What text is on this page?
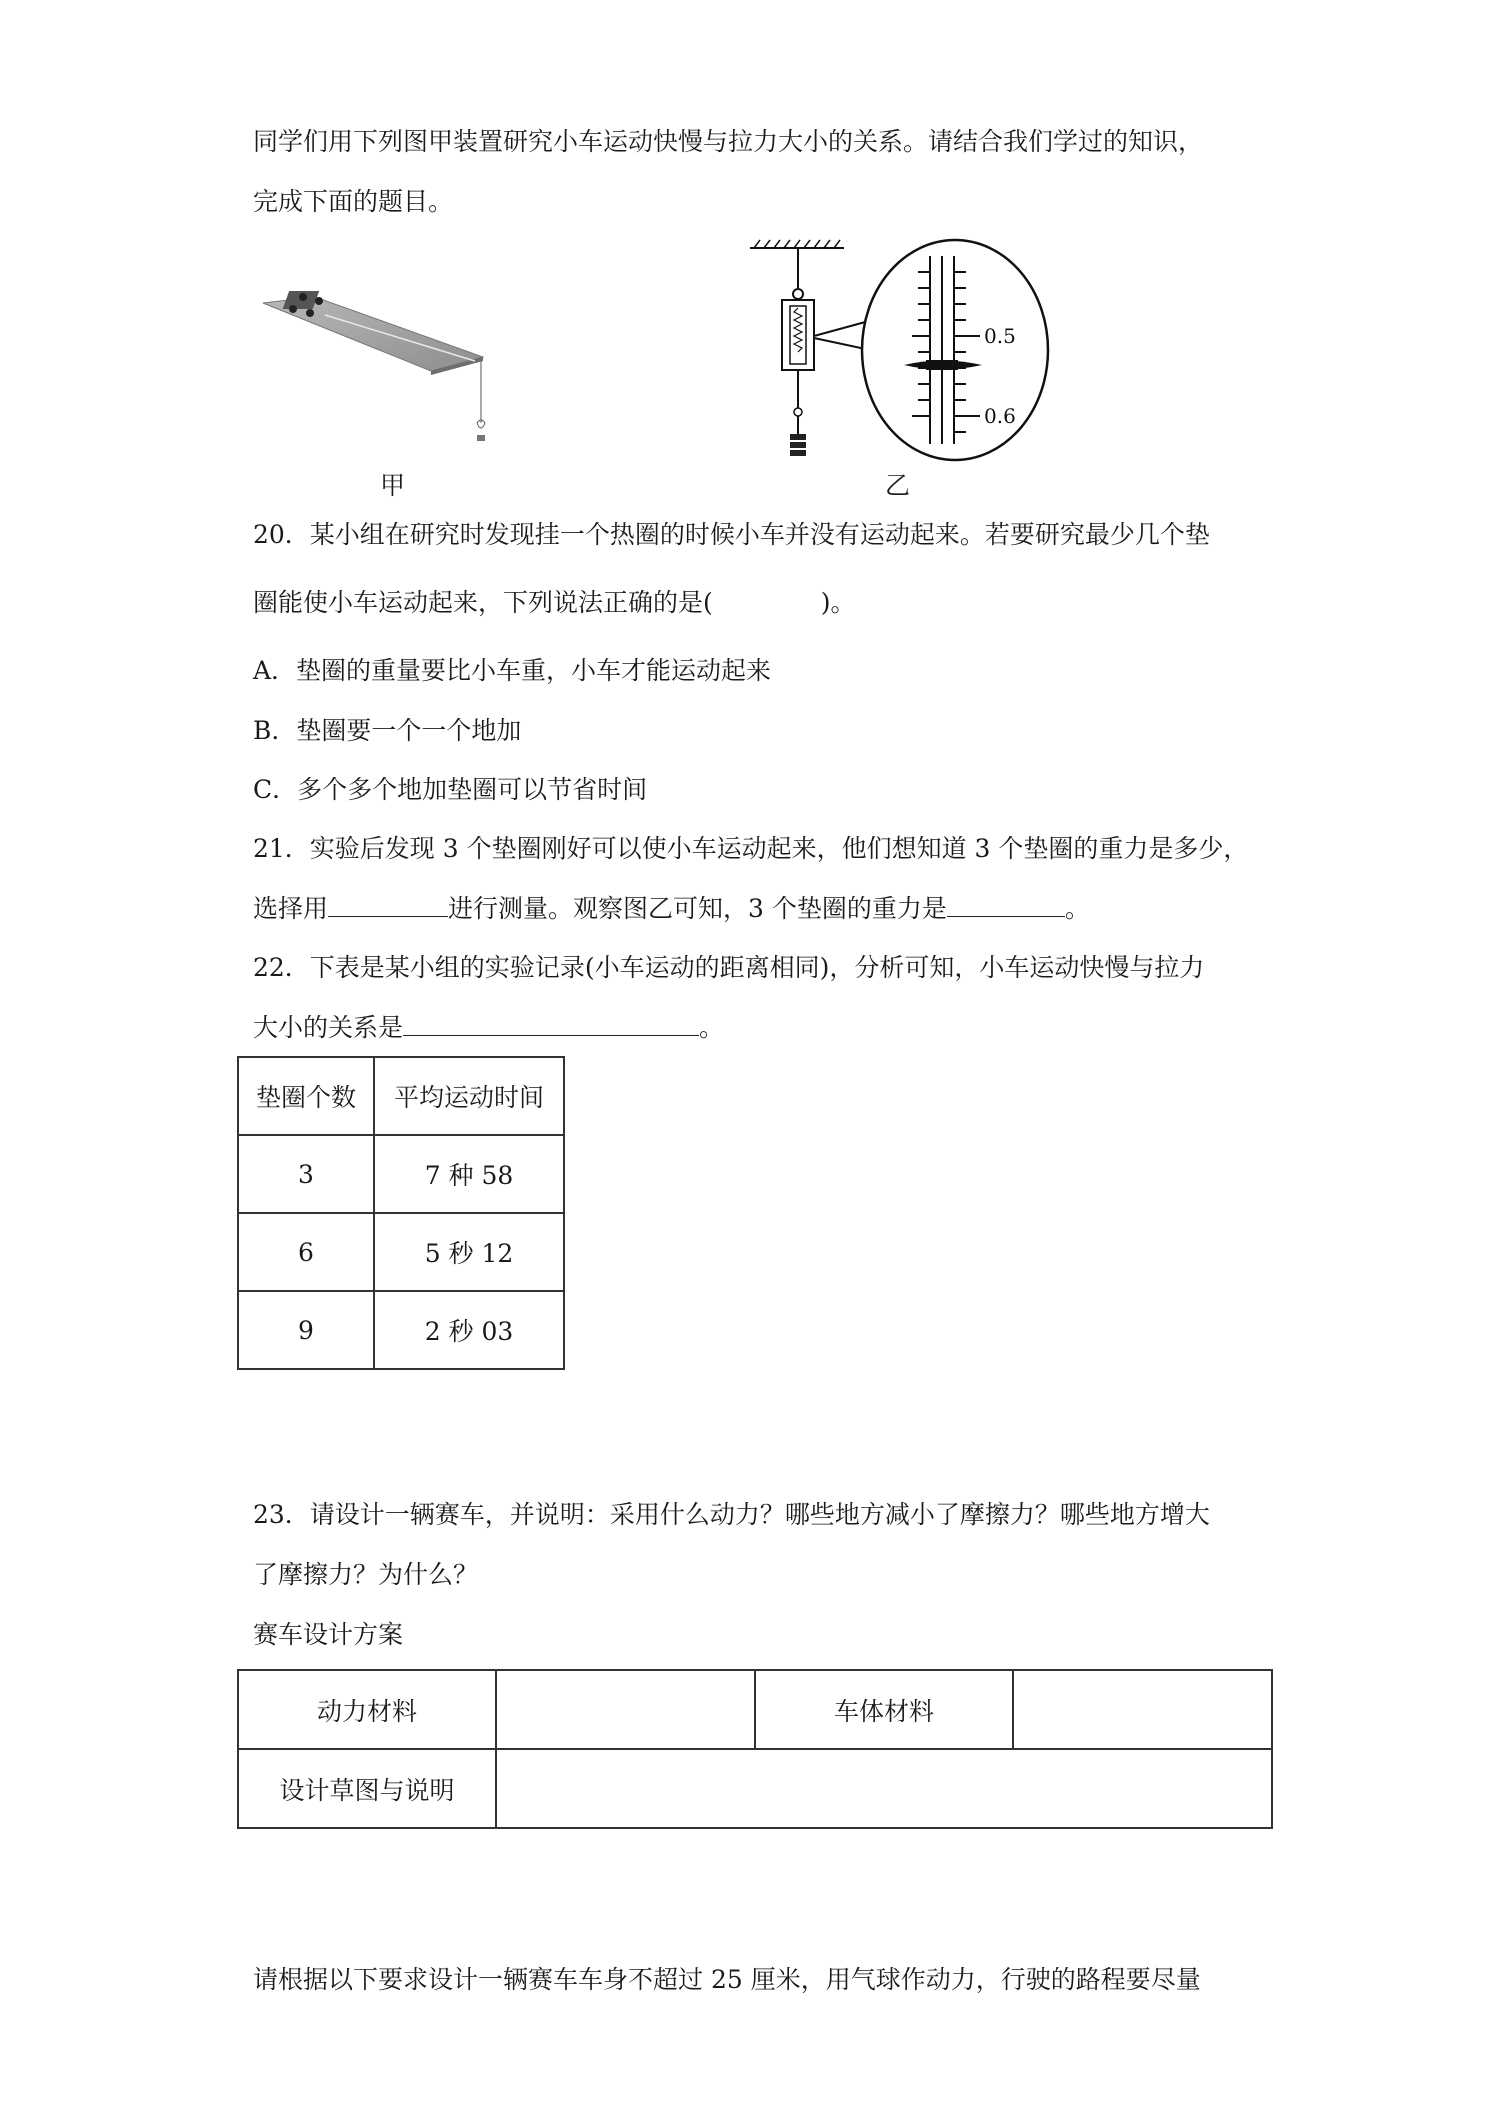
同学们用下列图甲装置研究小车运动快慢与拉力大小的关系。请结合我们学过的知识，
完成下面的题目。
甲
0.5
0.6
乙
20．某小组在研究时发现挂一个热圈的时候小车并没有运动起来。若要研究最少几个垫
圈能使小车运动起来，下列说法正确的是(	)。
A．垫圈的重量要比小车重，小车才能运动起来
B．垫圈要一个一个地加
C．多个多个地加垫圈可以节省时间
21．实验后发现 3 个垫圈刚好可以使小车运动起来，他们想知道 3 个垫圈的重力是多少，
选择用	进行测量。观察图乙可知，3 个垫圈的重力是	。
22．下表是某小组的实验记录(小车运动的距离相同)，分析可知，小车运动快慢与拉力
大小的关系是	。
垫圈个数	平均运动时间
3	7 种 58
6	5 秒 12
9	2 秒 03
23．请设计一辆赛车，并说明：采用什么动力？哪些地方减小了摩擦力？哪些地方增大
了摩擦力？为什么？
赛车设计方案
动力材料		车体材料	
设计草图与说明			
请根据以下要求设计一辆赛车车身不超过 25 厘米，用气球作动力，行驶的路程要尽量
